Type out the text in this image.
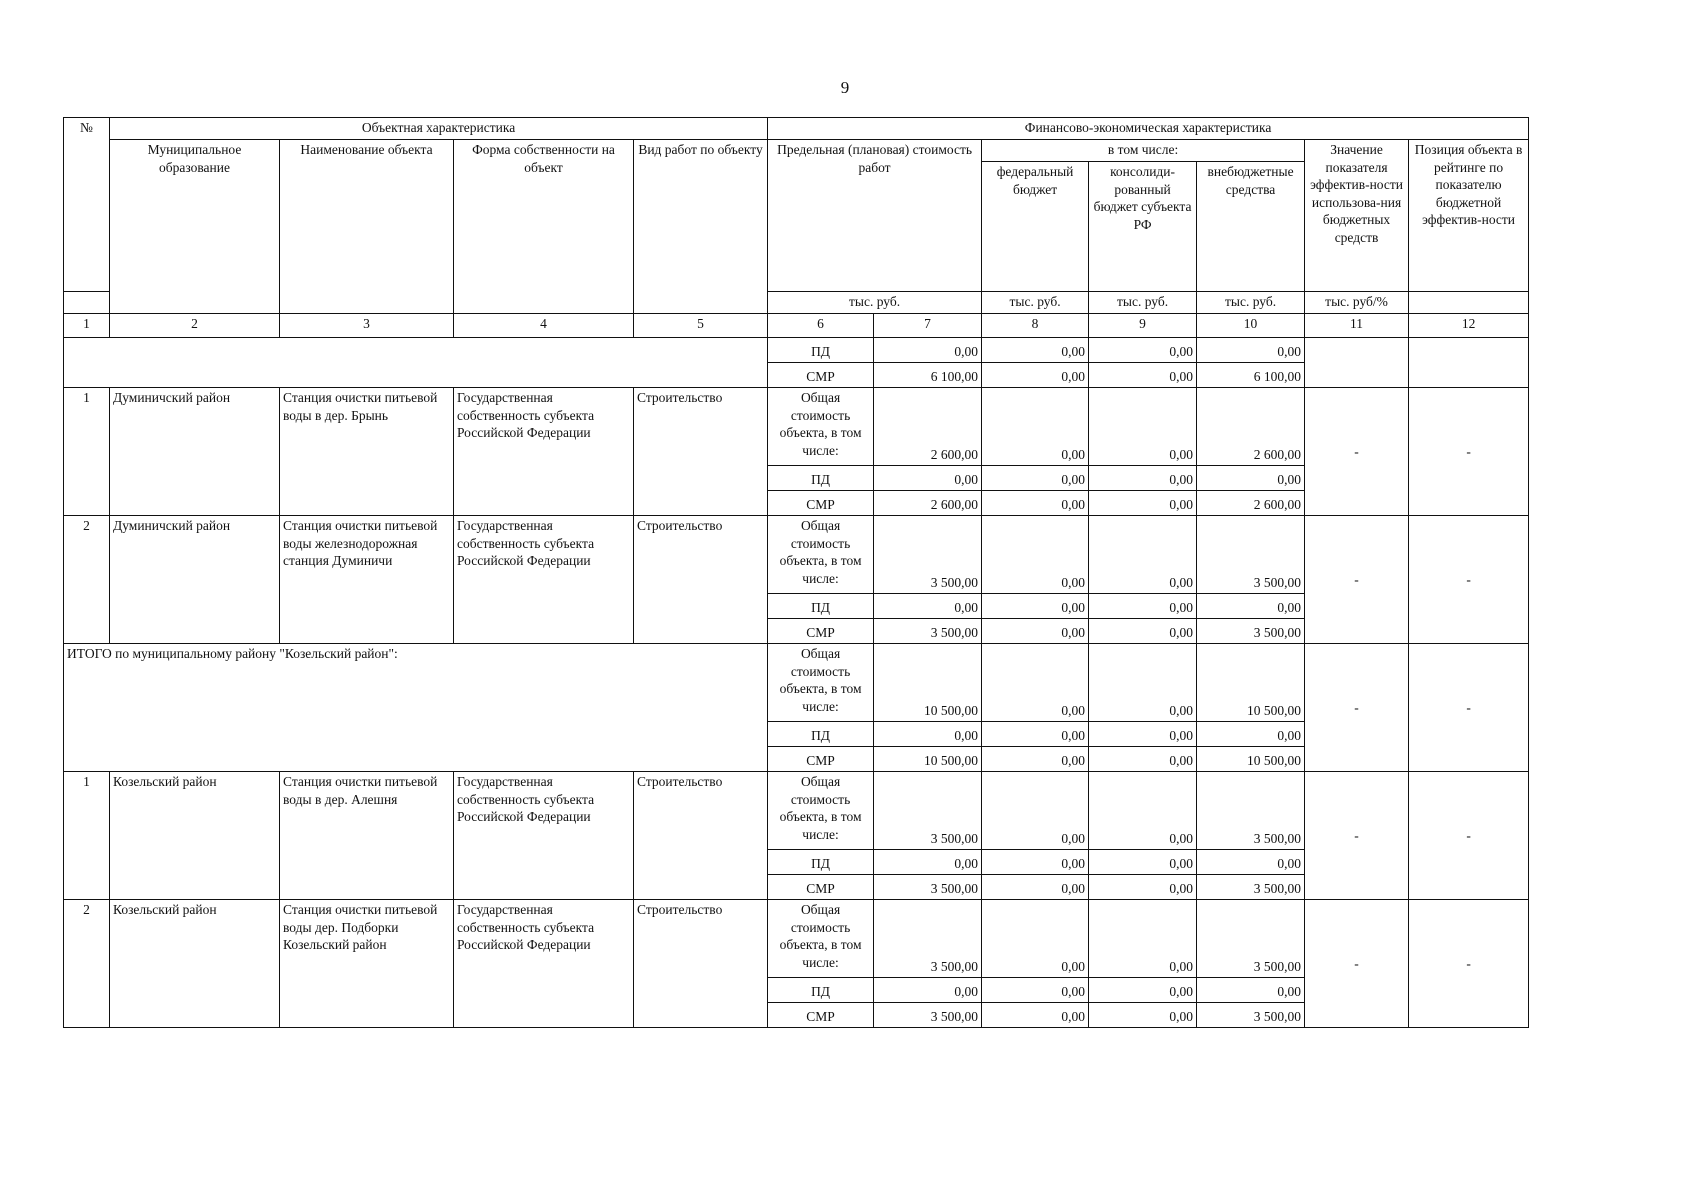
9
№	Объектная характеристика				Финансово-экономическая характеристика						
	Муниципальное образование	Наименование объекта	Форма собственности на объект	Вид работ по объекту	Предельная (плановая) стоимость работ		в том числе:			Значение показателя эффектив-ности использова-ния бюджетных средств	Позиция объекта в рейтинге по показателю бюджетной эффектив-ности
							федеральный бюджет	консолиди-рованный бюджет субъекта РФ	внебюджетные средства		
					тыс. руб.		тыс. руб.	тыс. руб.	тыс. руб.	тыс. руб/%	
1	2	3	4	5	6	7	8	9	10	11	12
					ПД	0,00	0,00	0,00	0,00		
					СМР	6 100,00	0,00	0,00	6 100,00		
1	Думиничский район	Станция очистки питьевой воды в дер. Брынь	Государственная собственность субъекта Российской Федерации	Строительство	Общая стоимость объекта, в том числе:	2 600,00	0,00	0,00	2 600,00	-	-
					ПД	0,00	0,00	0,00	0,00		
					СМР	2 600,00	0,00	0,00	2 600,00		
2	Думиничский район	Станция очистки питьевой воды железнодорожная станция Думиничи	Государственная собственность субъекта Российской Федерации	Строительство	Общая стоимость объекта, в том числе:	3 500,00	0,00	0,00	3 500,00	-	-
					ПД	0,00	0,00	0,00	0,00		
					СМР	3 500,00	0,00	0,00	3 500,00		
ИТОГО по муниципальному району "Козельский район":					Общая стоимость объекта, в том числе:	10 500,00	0,00	0,00	10 500,00	-	-
					ПД	0,00	0,00	0,00	0,00		
					СМР	10 500,00	0,00	0,00	10 500,00		
1	Козельский район	Станция очистки питьевой воды в дер. Алешня	Государственная собственность субъекта Российской Федерации	Строительство	Общая стоимость объекта, в том числе:	3 500,00	0,00	0,00	3 500,00	-	-
					ПД	0,00	0,00	0,00	0,00		
					СМР	3 500,00	0,00	0,00	3 500,00		
2	Козельский район	Станция очистки питьевой воды дер. Подборки Козельский район	Государственная собственность субъекта Российской Федерации	Строительство	Общая стоимость объекта, в том числе:	3 500,00	0,00	0,00	3 500,00	-	-
					ПД	0,00	0,00	0,00	0,00		
					СМР	3 500,00	0,00	0,00	3 500,00		
